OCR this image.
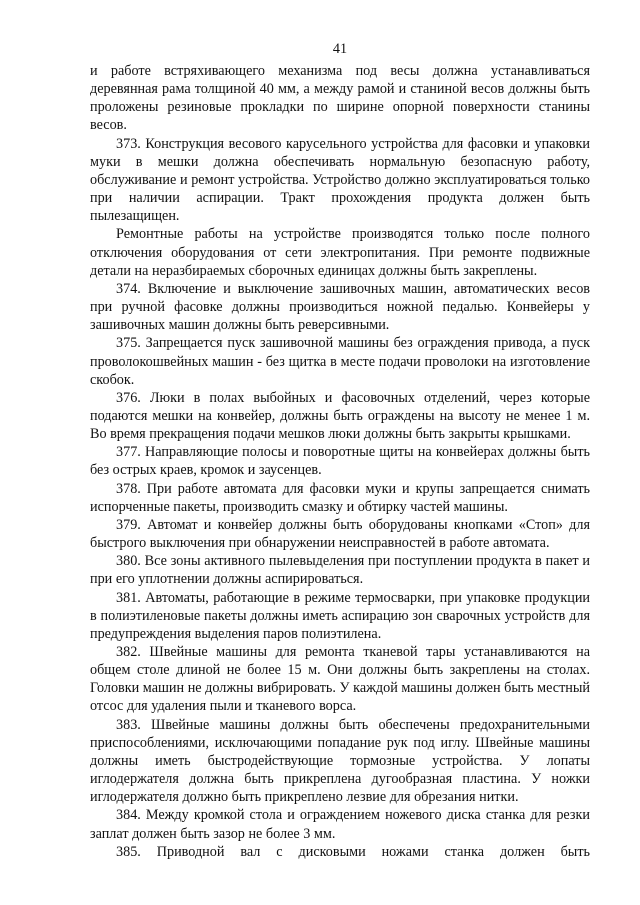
41

и работе встряхивающего механизма под весы должна устанавливаться деревянная рама толщиной 40 мм, а между рамой и станиной весов должны быть проложены резиновые прокладки по ширине опорной поверхности станины весов.

373. Конструкция весового карусельного устройства для фасовки и упаковки муки в мешки должна обеспечивать нормальную безопасную работу, обслуживание и ремонт устройства. Устройство должно эксплуатироваться только при наличии аспирации. Тракт прохождения продукта должен быть пылезащищен.

Ремонтные работы на устройстве производятся только после полного отключения оборудования от сети электропитания. При ремонте подвижные детали на неразбираемых сборочных единицах должны быть закреплены.

374. Включение и выключение зашивочных машин, автоматических весов при ручной фасовке должны производиться ножной педалью. Конвейеры у зашивочных машин должны быть реверсивными.

375. Запрещается пуск зашивочной машины без ограждения привода, а пуск проволокошвейных машин - без щитка в месте подачи проволоки на изготовление скобок.

376. Люки в полах выбойных и фасовочных отделений, через которые подаются мешки на конвейер, должны быть ограждены на высоту не менее 1 м. Во время прекращения подачи мешков люки должны быть закрыты крышками.

377. Направляющие полосы и поворотные щиты на конвейерах должны быть без острых краев, кромок и заусенцев.

378. При работе автомата для фасовки муки и крупы запрещается снимать испорченные пакеты, производить смазку и обтирку частей машины.

379. Автомат и конвейер должны быть оборудованы кнопками «Стоп» для быстрого выключения при обнаружении неисправностей в работе автомата.

380. Все зоны активного пылевыделения при поступлении продукта в пакет и при его уплотнении должны аспирироваться.

381. Автоматы, работающие в режиме термосварки, при упаковке продукции в полиэтиленовые пакеты должны иметь аспирацию зон сварочных устройств для предупреждения выделения паров полиэтилена.

382. Швейные машины для ремонта тканевой тары устанавливаются на общем столе длиной не более 15 м. Они должны быть закреплены на столах. Головки машин не должны вибрировать. У каждой машины должен быть местный отсос для удаления пыли и тканевого ворса.

383. Швейные машины должны быть обеспечены предохранительными приспособлениями, исключающими попадание рук под иглу. Швейные машины должны иметь быстродействующие тормозные устройства. У лопаты иглодержателя должна быть прикреплена дугообразная пластина. У ножки иглодержателя должно быть прикреплено лезвие для обрезания нитки.

384. Между кромкой стола и ограждением ножевого диска станка для резки заплат должен быть зазор не более 3 мм.

385. Приводной вал с дисковыми ножами станка должен быть
